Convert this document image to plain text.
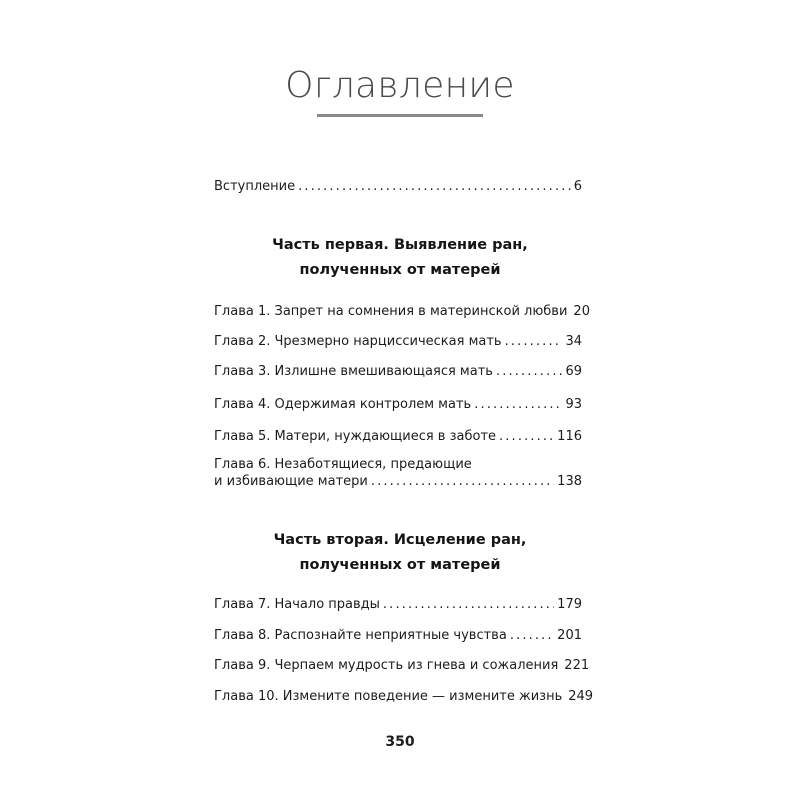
Оглавление
Вступление . . .	6
Часть первая. Выявление ран,
полученных от матерей
Глава 1. Запрет на сомнения в материнской любви 20
Глава 2. Чрезмерно нарциссическая мать . . .	34
Глава 3. Излишне вмешивающаяся мать . . .	69
Глава 4. Одержимая контролем мать . . .	93
Глава 5. Матери, нуждающиеся в заботе . . .	116
Глава 6. Незаботящиеся, предающие
и избивающие матери . . .	138
Часть вторая. Исцеление ран,
полученных от матерей
Глава 7. Начало правды . . .	179
Глава 8. Распознайте неприятные чувства . . .	201
Глава 9. Черпаем мудрость из гнева и сожаления 221
Глава 10. Измените поведение — измените жизнь 249
350
